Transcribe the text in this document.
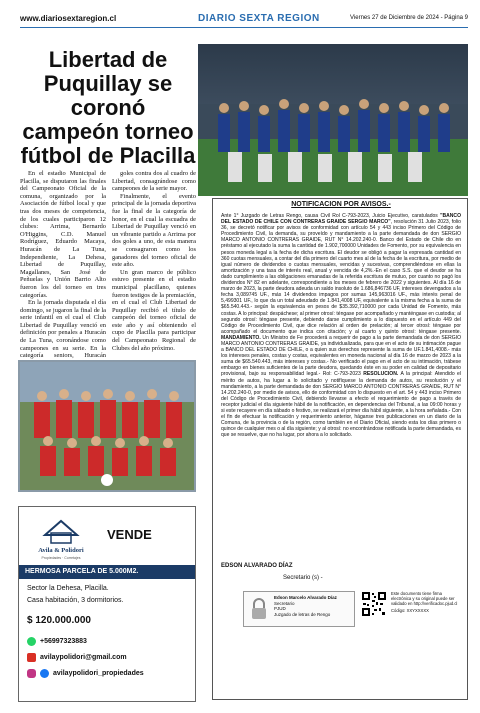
www.diariosextaregion.cl	DIARIO SEXTA REGION	Viernes 27 de Diciembre de 2024 - Página 9
Libertad de Puquillay se coronó campeón torneo fútbol de Placilla

En el estadio Municipal de Placilla, se disputaron las finales del Campeonato Oficial de la comuna, organizado por la Asociación de fútbol local y que tras dos meses de competencia, de los cuales participaron 12 clubes: Arrima, Bernardo O'Higgins, C.D. Manuel Rodríguez, Eduardo Macaya, Huracán de La Tuna, Independiente, La Dehesa, Libertad de Puquillay, Magallanes, San José de Peñuelas y Unión Barrio Alto fueron los del torneo en tres categorías.

En la jornada disputada el día domingo, se jugaron la final de la serie infantil en el cual el Club Libertad de Puquillay venció en definición por penales a Huracán de La Tuna, coronándose como campeones en su serie. En la categoría seniors, Huracán

goles contra dos al cuadro de Libertad, consagrándose como campeones de la serie mayor.

Finalmente, el evento principal de la jornada deportiva fue la final de la categoría de honor, en el cual la escuadra de Libertad de Puquillay venció en un vibrante partido a Arrima por dos goles a uno, de esta manera se consagraron como los ganadores del torneo oficial de este año.

Un gran marco de público estuvo presente en el estadio municipal placillano, quienes fueron testigos de la premiación, en el cual el Club Libertad de Puquillay recibió el título de campeón del torneo oficial de este año y así obteniendo el cupo de Placilla para participar del Campeonato Regional de Clubes del año próximo.

Avila & Polidori
Propiedades · Corretajes
VENDE
HERMOSA PARCELA DE 5.000M2.
Sector la Dehesa, Placilla.
Casa habitación, 3 dormitorios.
$ 120.000.000
+56997323883
avilaypolidori@gmail.com
avilaypolidori_propiedades
NOTIFICACION POR AVISOS.-
Ante 1° Juzgado de Letras Rengo, causa Civil Rol C-793-2023, Juicio Ejecutivo, caratulados "BANCO DEL ESTADO DE CHILE CON CONTRERAS GRAIDE SERGIO MARCO", resolución 31 Julio 2023, folio 36, se decretó notificar por avisos de conformidad con artículo 54 y 443 inciso Primero del Código de Procedimiento Civil, la demanda, su proveído y mandamiento a la parte demandada de don SERGIO MARCO ANTONIO CONTRERAS GRAIDE, RUT N° 14.202.240-0. Banco del Estado de Chile dio en préstamo al ejecutado la suma la cantidad de 1.902,700000 Unidades de Fomento, por su equivalencia en pesos moneda legal a la fecha de dicha escritura. El deudor se obligó a pagar la expresada cantidad en 360 cuotas mensuales, a contar del día primero del cuarto mes al de la fecha de la escritura, por medio de igual número de dividendos o cuotas mensuales, vencidas y sucesivas, comprendiéndose en ellas la amortización y una tasa de interés real, anual y vencida de 4,2%.-En el caso S.S. que el deudor se ha dado cumplimiento a las obligaciones emanadas de la referida escritura de mutuo, por cuanto no pagó los dividendos N° 82 en adelante, correspondiente a los meses de febrero de 2022 y siguientes. Al día 16 de marzo de 2023, la parte deudora adeuda un saldo insoluto de 1.686,846736 UF, intereses devengados a la fecha 3,089745 UF., más 14 dividendos impagos por sumas 145,963016 UF., más interés penal de 5,499301 UF., lo que da un total adeudado de 1.841,4008 UF, equivalente a la misma fecha a la suma de $65.540.443.- según la equivalencia en pesos de $35.392,710000 por cada Unidad de Fomento, más costas. A lo principal: despáchese; al primer otrosí: téngase por acompañado y manténgase en custodia; al segundo otrosí: téngase presente, debiendo darse cumplimiento a lo dispuesto en el artículo 449 del Código de Procedimiento Civil, que dice relación al orden de prelación; al tercer otrosí: téngase por acompañado el documento que indica con citación; y al cuarto y quinto otrosí: téngase presente. MANDAMIENTO. Un Ministro de Fe procederá a requerir de pago a la parte demandada de don SERGIO MARCO ANTONIO CONTRERAS GRAIDE, ya individualizada, para que en el acto de su intimación pague a BANCO DEL ESTADO DE CHILE, o a quien sus derechos represente la suma de UF.1.841,4008.- más los intereses penales, costas y costas, equivalentes en moneda nacional al día 16 de marzo de 2023 a la suma de $65.540.443, más intereses y costas.- No verificado el pago en el acto de su intimación, trábese embargo en bienes suficientes de la parte deudora, quedando éste en su poder en calidad de depositario provisional, bajo su responsabilidad legal.- Rol: C-793-2023 RESOLUCION. A la principal: Atendido el mérito de autos, ha lugar a lo solicitado y notifíquese la demanda de autos, su resolución y el mandamiento, a la parte demandada de don SERGIO MARCO ANTONIO CONTRERAS GRAIDE, RUT N° 14.202.240-0, por medio de avisos, ello de conformidad con lo dispuesto en el art. 54 y 443 inciso Primero del Código de Procedimiento Civil, debiendo llevarse a efecto el requerimiento de pago a través de receptor judicial el día siguiente hábil de la notificación, en dependencias del Tribunal, a las 09:00 horas y si este recayere en día sábado o festivo, se realizará el primer día hábil siguiente, a la hora señalada.- Con el fin de efectuar la notificación y requerimiento anterior, háganse tres publicaciones en un diario de la Comuna, de la provincia o de la región, como también en el Diario Oficial, siendo esta los días primero o quince de cualquier mes o al día siguiente; y al otrosí: no encontrándose notificada la parte demandada, es que se resuelve, que no ha lugar, por ahora a lo solicitado.
EDSON ALVARADO DÍAZ
Secretario (s) -
Edson Marcelo Alvarado Díaz
Secretario
PJUD
Juzgado de letras de Rengo
Este documento tiene firma electrónica y su original puede ser validado en http://verificadoc.pjud.cl
Código: XXYXXXXX
